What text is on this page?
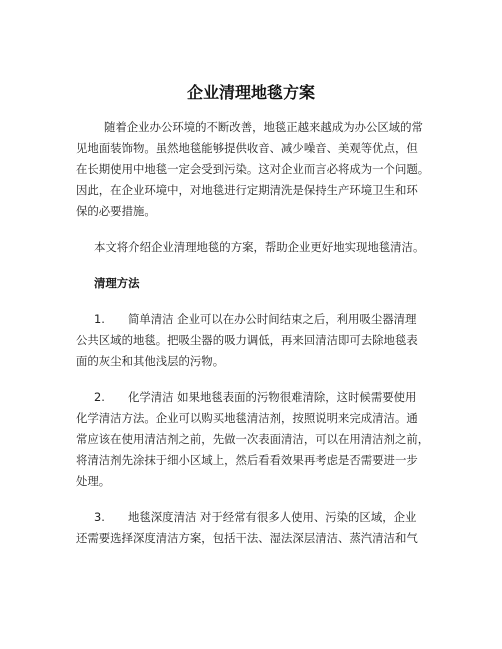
企业清理地毯方案
随着企业办公环境的不断改善，地毯正越来越成为办公区域的常
见地面装饰物。虽然地毯能够提供收音、减少噪音、美观等优点，但
在长期使用中地毯一定会受到污染。这对企业而言必将成为一个问题。
因此，在企业环境中，对地毯进行定期清洗是保持生产环境卫生和环
保的必要措施。
本文将介绍企业清理地毯的方案，帮助企业更好地实现地毯清洁。
清理方法
1. 简单清洁 企业可以在办公时间结束之后，利用吸尘器清理
公共区域的地毯。把吸尘器的吸力调低，再来回清洁即可去除地毯表
面的灰尘和其他浅层的污物。
2. 化学清洁 如果地毯表面的污物很难清除，这时候需要使用
化学清洁方法。企业可以购买地毯清洁剂，按照说明来完成清洁。通
常应该在使用清洁剂之前，先做一次表面清洁，可以在用清洁剂之前，
将清洁剂先涂抹于细小区域上，然后看看效果再考虑是否需要进一步
处理。
3. 地毯深度清洁 对于经常有很多人使用、污染的区域，企业
还需要选择深度清洁方案，包括干法、湿法深层清洁、蒸汽清洁和气
